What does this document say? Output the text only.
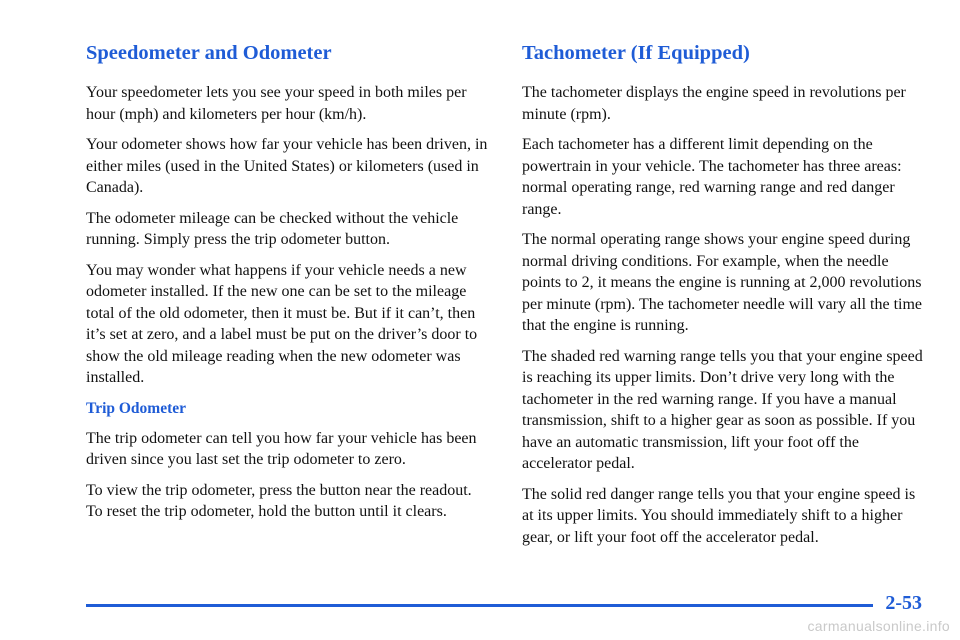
Speedometer and Odometer

Your speedometer lets you see your speed in both miles per hour (mph) and kilometers per hour (km/h).

Your odometer shows how far your vehicle has been driven, in either miles (used in the United States) or kilometers (used in Canada).

The odometer mileage can be checked without the vehicle running. Simply press the trip odometer button.

You may wonder what happens if your vehicle needs a new odometer installed. If the new one can be set to the mileage total of the old odometer, then it must be. But if it can’t, then it’s set at zero, and a label must be put on the driver’s door to show the old mileage reading when the new odometer was installed.

Trip Odometer

The trip odometer can tell you how far your vehicle has been driven since you last set the trip odometer to zero.

To view the trip odometer, press the button near the readout. To reset the trip odometer, hold the button until it clears.

Tachometer (If Equipped)

The tachometer displays the engine speed in revolutions per minute (rpm).

Each tachometer has a different limit depending on the powertrain in your vehicle. The tachometer has three areas: normal operating range, red warning range and red danger range.

The normal operating range shows your engine speed during normal driving conditions. For example, when the needle points to 2, it means the engine is running at 2,000 revolutions per minute (rpm). The tachometer needle will vary all the time that the engine is running.

The shaded red warning range tells you that your engine speed is reaching its upper limits. Don’t drive very long with the tachometer in the red warning range. If you have a manual transmission, shift to a higher gear as soon as possible. If you have an automatic transmission, lift your foot off the accelerator pedal.

The solid red danger range tells you that your engine speed is at its upper limits. You should immediately shift to a higher gear, or lift your foot off the accelerator pedal.

2-53
carmanualsonline.info
